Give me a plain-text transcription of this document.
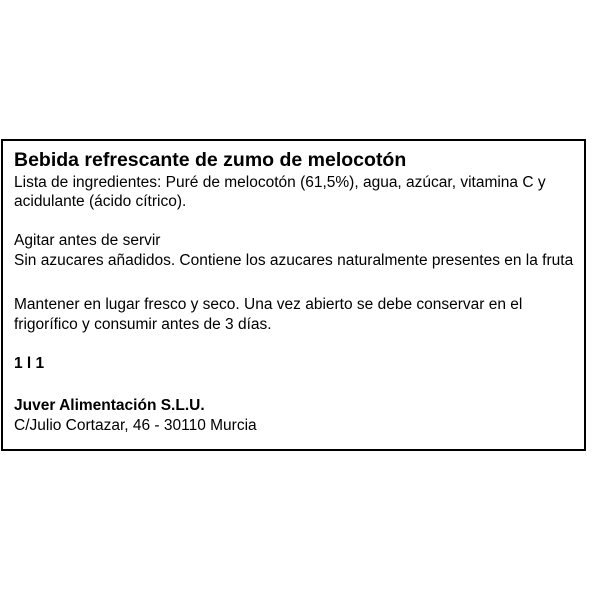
Bebida refrescante de zumo de melocotón
Lista de ingredientes: Puré de melocotón (61,5%), agua, azúcar, vitamina C y
acidulante (ácido cítrico).
Agitar antes de servir
Sin azucares añadidos. Contiene los azucares naturalmente presentes en la fruta
Mantener en lugar fresco y seco. Una vez abierto se debe conservar en el
frigorífico y consumir antes de 3 días.
1 l 1
Juver Alimentación S.L.U.
C/Julio Cortazar, 46 - 30110 Murcia
